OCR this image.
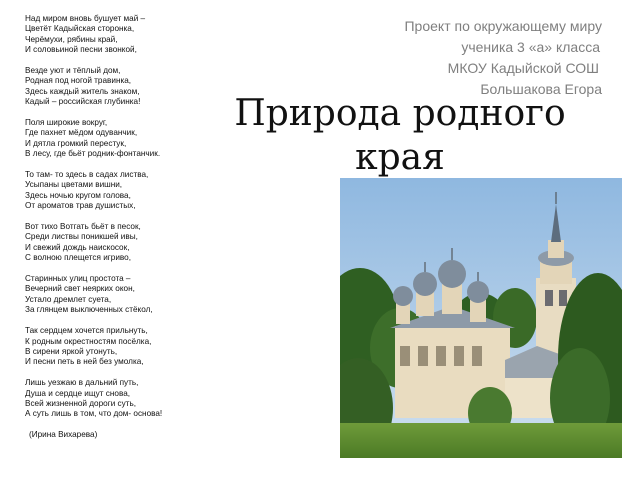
Над миром вновь бушует май –
Цветёт Кадыйская сторонка,
Черёмухи, рябины край,
И соловьиной песни звонкой,
Везде уют и тёплый дом,
Родная под ногой травинка,
Здесь каждый житель знаком,
Кадый – российская глубинка!
Поля широкие вокруг,
Где пахнет мёдом одуванчик,
И дятла громкий перестук,
В лесу, где бьёт родник-фонтанчик.
То там- то здесь в садах листва,
Усыпаны цветами вишни,
Здесь ночью кругом голова,
От ароматов трав душистых,
Вот тихо Вотгать бьёт в песок,
Среди листвы поникшей ивы,
И свежий дождь наискосок,
С волною плещется игриво,
Старинных улиц простота –
Вечерний свет неярких окон,
Устало дремлет суета,
За глянцем выключенных стёкол,
Так сердцем хочется прильнуть,
К родным окрестностям посёлка,
В сирени яркой утонуть,
И песни петь в ней без умолка,
Лишь уезжаю в дальний путь,
Душа и сердце ищут снова,
Всей жизненной дороги суть,
А суть лишь в том, что дом- основа!
(Ирина Вихарева)
Проект по окружающему миру
ученика 3 «а» класса
МКОУ Кадыйской СОШ
Большакова Егора
Природа родного
края
